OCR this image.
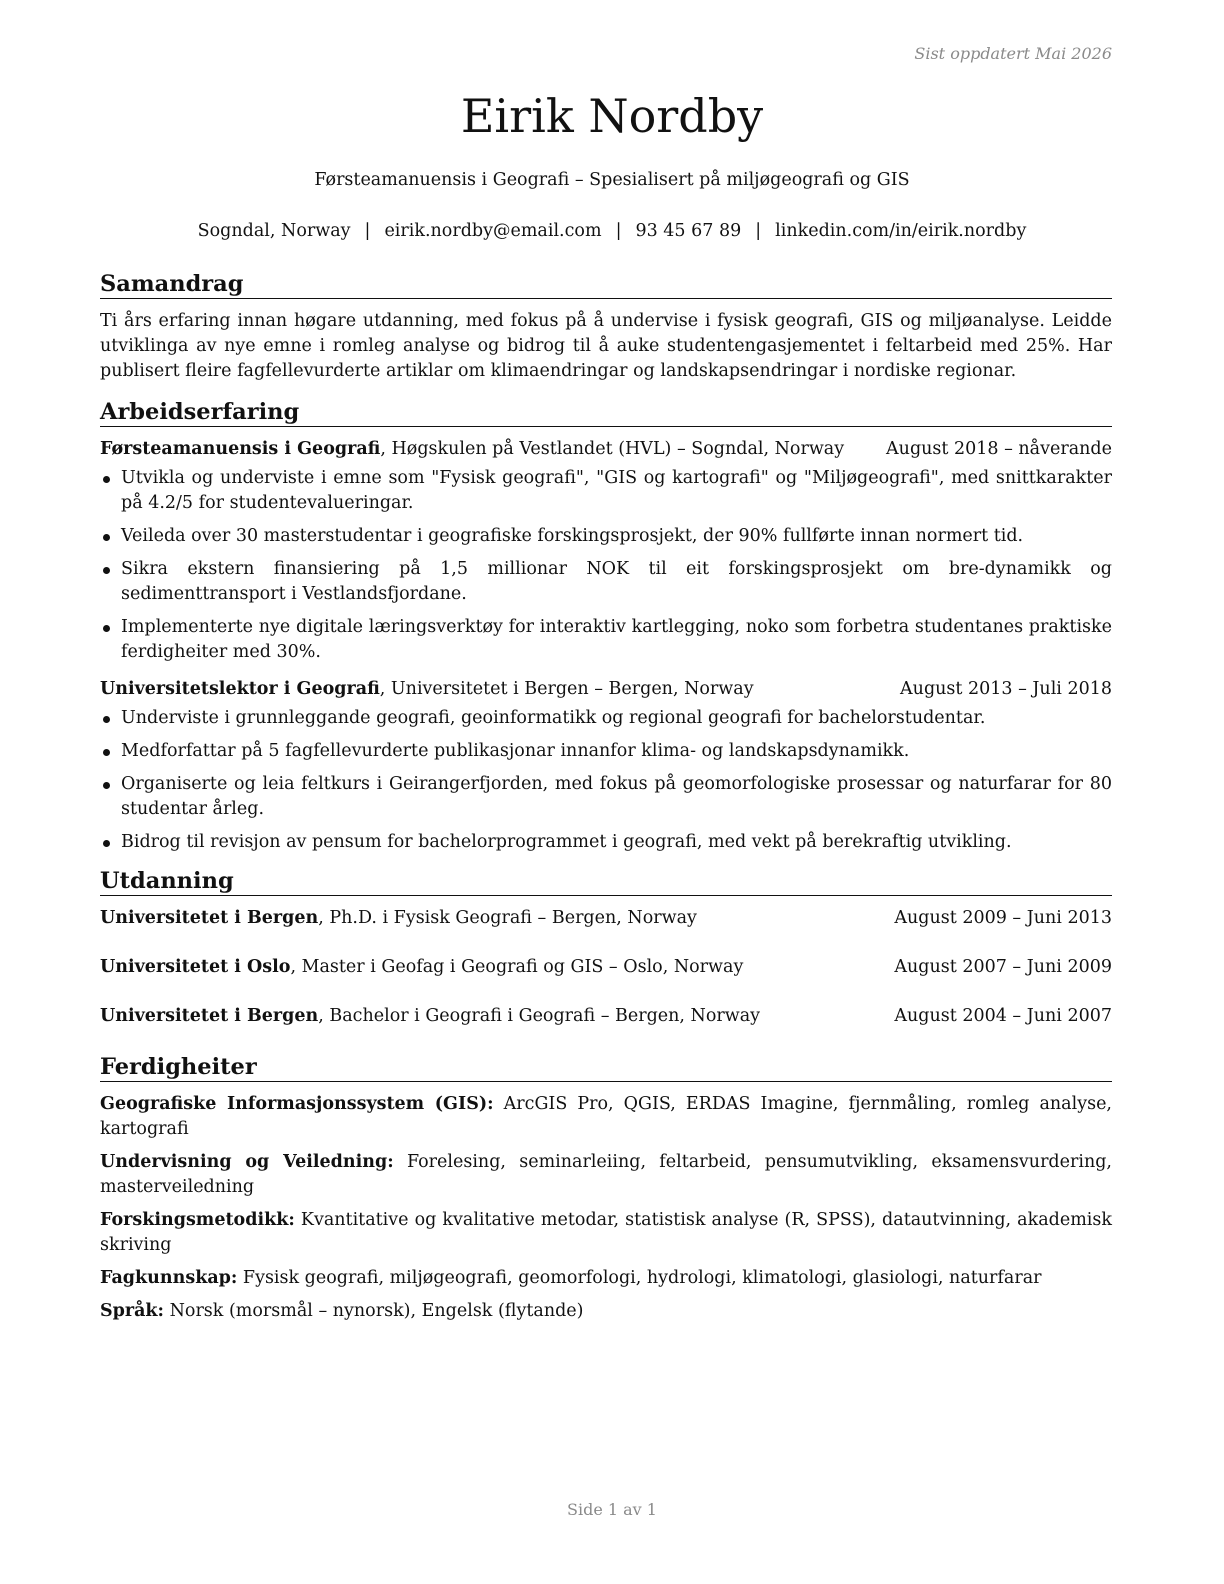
Sist oppdatert Mai 2026
Eirik Nordby
Førsteamanuensis i Geografi – Spesialisert på miljøgeografi og GIS
Sogndal, Norway | eirik.nordby@email.com | 93 45 67 89 | linkedin.com/in/eirik.nordby
Samandrag
Ti års erfaring innan høgare utdanning, med fokus på å undervise i fysisk geografi, GIS og miljøanalyse. Leidde utviklinga av nye emne i romleg analyse og bidrog til å auke studentengasjementet i feltarbeid med 25%. Har publisert fleire fagfellevurderte artiklar om klimaendringar og landskapsendringar i nordiske regionar.
Arbeidserfaring
Førsteamanuensis i Geografi, Høgskulen på Vestlandet (HVL) – Sogndal, Norway August 2018 – nåverande
Utvikla og underviste i emne som "Fysisk geografi", "GIS og kartografi" og "Miljøgeografi", med snittkarakter på 4.2/5 for studentevalueringar.
Veileda over 30 masterstudentar i geografiske forskingsprosjekt, der 90% fullførte innan normert tid.
Sikra ekstern finansiering på 1,5 millionar NOK til eit forskingsprosjekt om bre-dynamikk og sedimenttransport i Vestlandsfjordane.
Implementerte nye digitale læringsverktøy for interaktiv kartlegging, noko som forbetra studentanes praktiske ferdigheiter med 30%.
Universitetslektor i Geografi, Universitetet i Bergen – Bergen, Norway	August 2013 – Juli 2018
Underviste i grunnleggande geografi, geoinformatikk og regional geografi for bachelorstudentar.
Medforfattar på 5 fagfellevurderte publikasjonar innanfor klima- og landskapsdynamikk.
Organiserte og leia feltkurs i Geirangerfjorden, med fokus på geomorfologiske prosessar og naturfarar for 80 studentar årleg.
Bidrog til revisjon av pensum for bachelorprogrammet i geografi, med vekt på berekraftig utvikling.
Utdanning
Universitetet i Bergen, Ph.D. i Fysisk Geografi – Bergen, Norway	August 2009 – Juni 2013
Universitetet i Oslo, Master i Geofag i Geografi og GIS – Oslo, Norway	August 2007 – Juni 2009
Universitetet i Bergen, Bachelor i Geografi i Geografi – Bergen, Norway	August 2004 – Juni 2007
Ferdigheiter
Geografiske Informasjonssystem (GIS): ArcGIS Pro, QGIS, ERDAS Imagine, fjernmåling, romleg analyse, kartografi
Undervisning og Veiledning: Forelesing, seminarleiing, feltarbeid, pensumutvikling, eksamensvurdering, masterveiledning
Forskingsmetodikk: Kvantitative og kvalitative metodar, statistisk analyse (R, SPSS), datautvinning, akademisk skriving
Fagkunnskap: Fysisk geografi, miljøgeografi, geomorfologi, hydrologi, klimatologi, glasiologi, naturfarar
Språk: Norsk (morsmål – nynorsk), Engelsk (flytande)
Side 1 av 1
